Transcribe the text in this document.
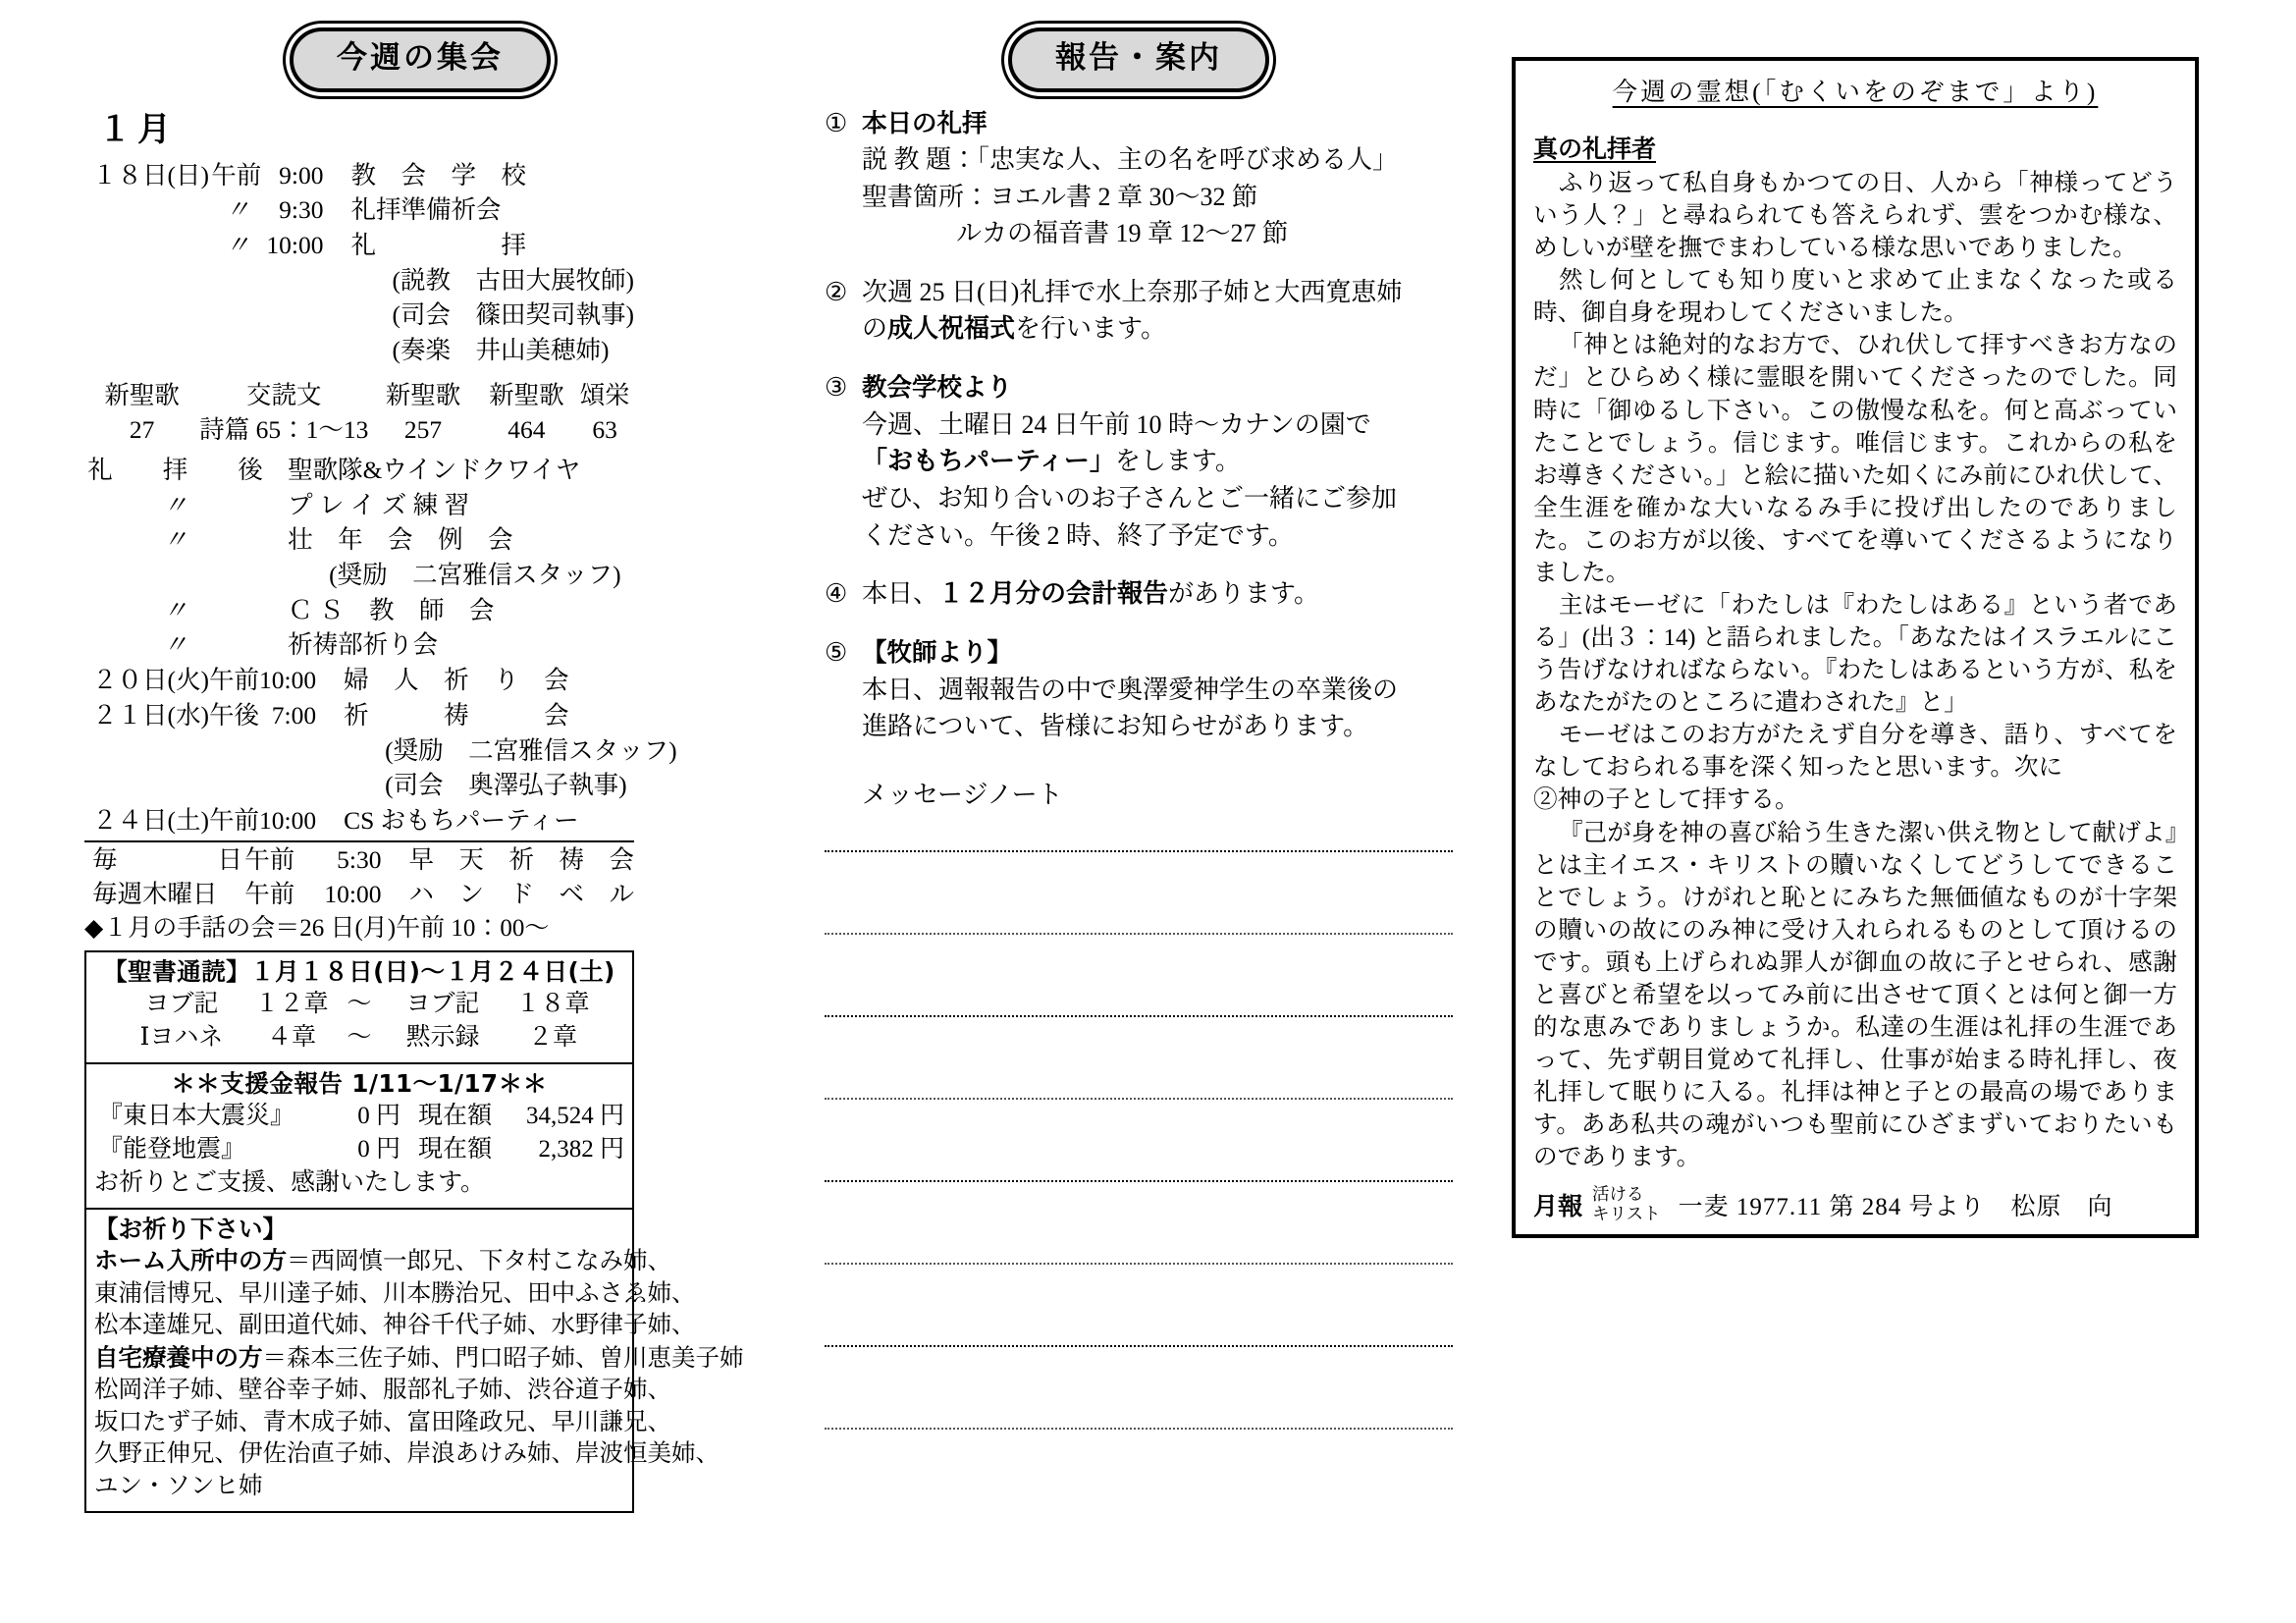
今週の集会
１月
１８日(日)	午前	9:00	教　会　学　校
	〃	9:30	礼拝準備祈会
	〃	10:00	礼　　　　　拝
			(説教　古田大展牧師)
			(司会　篠田契司執事)
			(奏楽　井山美穂姉)
新聖歌	交読文	新聖歌	新聖歌	頌栄
27	詩篇 65：1〜13	257	464	63
礼　　拝　　後	聖歌隊&ウインドクワイヤ
〃	プ レ イ ズ 練 習
〃	壮　年　会　例　会
	(奨励　二宮雅信スタッフ)
〃	Ｃ Ｓ　教　師　会
〃	祈祷部祈り会
２０日(火)	午前	10:00	婦　人　祈　り　会
２１日(水)	午後	7:00	祈　　　祷　　　会
			(奨励　二宮雅信スタッフ)
			(司会　奥澤弘子執事)
２４日(土)	午前	10:00	CS おもちパーティー
毎　　　　日	午前	5:30	早　天　祈　祷　会
毎週木曜日	午前	10:00	ハ　ン　ド　ベ　ル
◆１月の手話の会＝26 日(月)午前 10：00〜
【聖書通読】１月１８日(日)〜１月２４日(土)
ヨブ記	１２章	〜	ヨブ記	１８章
Ⅰヨハネ	４章	〜	黙示録	２章
＊＊支援金報告 1/11〜1/17＊＊
『東日本大震災』	0 円	現在額	34,524 円
『能登地震』	0 円	現在額	2,382 円
お祈りとご支援、感謝いたします。
【お祈り下さい】
ホーム入所中の方＝西岡慎一郎兄、下タ村こなみ姉、
東浦信博兄、早川達子姉、川本勝治兄、田中ふさゑ姉、
松本達雄兄、副田道代姉、神谷千代子姉、水野律子姉、
自宅療養中の方＝森本三佐子姉、門口昭子姉、曽川恵美子姉
松岡洋子姉、壁谷幸子姉、服部礼子姉、渋谷道子姉、
坂口たず子姉、青木成子姉、富田隆政兄、早川謙兄、
久野正伸兄、伊佐治直子姉、岸浪あけみ姉、岸波恒美姉、
ユン・ソンヒ姉
報告・案内
① 本日の礼拝
説 教 題：「忠実な人、主の名を呼び求める人」
聖書箇所：ヨエル書 2 章 30〜32 節
ルカの福音書 19 章 12〜27 節
② 次週 25 日(日)礼拝で水上奈那子姉と大西寛恵姉
の成人祝福式を行います。
③ 教会学校より
今週、土曜日 24 日午前 10 時〜カナンの園で
「おもちパーティー」をします。
ぜひ、お知り合いのお子さんとご一緒にご参加
ください。午後 2 時、終了予定です。
④ 本日、１２月分の会計報告があります。
⑤ 【牧師より】
本日、週報報告の中で奥澤愛神学生の卒業後の
進路について、皆様にお知らせがあります。
メッセージノート
今週の霊想(「むくいをのぞまで」より)
真の礼拝者

ふり返って私自身もかつての日、人から「神様ってどういう人？」と尋ねられても答えられず、雲をつかむ様な、めしいが壁を撫でまわしている様な思いでありました。

然し何としても知り度いと求めて止まなくなった或る時、御自身を現わしてくださいました。

「神とは絶対的なお方で、ひれ伏して拝すべきお方なのだ」とひらめく様に霊眼を開いてくださったのでした。同時に「御ゆるし下さい。この傲慢な私を。何と高ぶっていたことでしょう。信じます。唯信じます。これからの私をお導きください。」と絵に描いた如くにみ前にひれ伏して、全生涯を確かな大いなるみ手に投げ出したのでありました。このお方が以後、すべてを導いてくださるようになりました。

主はモーゼに「わたしは『わたしはある』という者である」(出３：14) と語られました。「あなたはイスラエルにこう告げなければならない。『わたしはあるという方が、私をあなたがたのところに遣わされた』と」

モーゼはこのお方がたえず自分を導き、語り、すべてをなしておられる事を深く知ったと思います。次に

②神の子として拝する。
『己が身を神の喜び給う生きた潔い供え物として献げよ』とは主イエス・キリストの贖いなくしてどうしてできることでしょう。けがれと恥とにみちた無価値なものが十字架の贖いの故にのみ神に受け入れられるものとして頂けるのです。頭も上げられぬ罪人が御血の故に子とせられ、感謝と喜びと希望を以ってみ前に出させて頂くとは何と御一方的な恵みでありましょうか。私達の生涯は礼拝の生涯であって、先ず朝目覚めて礼拝し、仕事が始まる時礼拝し、夜礼拝して眠りに入る。礼拝は神と子との最高の場であります。ああ私共の魂がいつも聖前にひざまずいておりたいものであります。
月報 活ける
キリスト 一麦 1977.11 第 284 号より　松原　向
